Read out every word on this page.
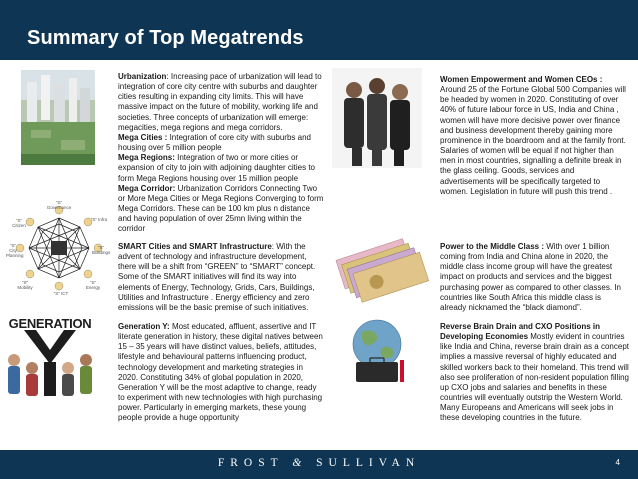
Summary of Top Megatrends
Urbanization: Increasing pace of urbanization will lead to integration of core city centre with suburbs and daughter cities resulting in expanding city limits. This will have massive impact on the future of mobility, working life and societies. Three concepts of urbanization will emerge: megacities, mega regions and mega corridors.
Mega Cities : Integration of core city with suburbs and housing over 5 million people
Mega Regions: Integration of two or more cities or expansion of city to join with adjoining daughter cities to form Mega Regions housing over 15 million people
Mega Corridor: Urbanization Corridors Connecting Two or More Mega Cities or Mega Regions Converging to form Mega Corridors. These can be 100 km plus n distance and having population of over 25mn living within the corridor
Women Empowerment and Women CEOs : Around 25 of the Fortune Global 500 Companies will be headed by women in 2020. Constituting of over 40% of future labour force in US, India and China , women will have more decisive power over finance and business development thereby gaining more prominence in the boardroom and at the family front. Salaries of women will be equal if not higher than men in most countries, signalling a definite break in the glass ceiling. Goods, services and advertisements will be specifically targeted to women. Legislation in future will push this trend .
“S” Governance
“S” Citizen
“S” City Planning
“S” Mobility
“S” ICT
“S” Energy
“S” Buildings
“S” Infra
SMART Cities and SMART Infrastructure: With the advent of technology and infrastructure development, there will be a shift from “GREEN” to “SMART” concept. Some of the SMART initiatives will find its way into elements of Energy, Technology, Grids, Cars, Buildings, Utilities and Infrastructure . Energy efficiency and zero emissions will be the basic premise of such initiatives.
Power to the Middle Class : With over 1 billion coming from India and China alone in 2020, the middle class income group will have the greatest impact on products and services and the biggest purchasing power as compared to other classes. In countries like South Africa this middle class is already nicknamed the “black diamond”.
GENERATION	Generation Y: Most educated, affluent, assertive and IT literate generation in history, these digital natives between 15 – 35 years will have distinct values, beliefs, attitudes, lifestyle and behavioural patterns influencing product, technology development and marketing strategies in 2020. Constituting 34% of global population in 2020, Generation Y will be the most adaptive to change, ready to experiment with new technologies with high purchasing power. Particularly in emerging markets, these young people provide a huge opportunity
Reverse Brain Drain and CXO Positions in Developing Economies Mostly evident in countries like India and China, reverse brain drain as a concept implies a massive reversal of highly educated and skilled workers back to their homeland. This trend will also see proliferation of non-resident population filling up CXO jobs and salaries and benefits in these countries will eventually outstrip the Western World. Many Europeans and Americans will seek jobs in these developing countries in the future.
FROST & SULLIVAN	4
